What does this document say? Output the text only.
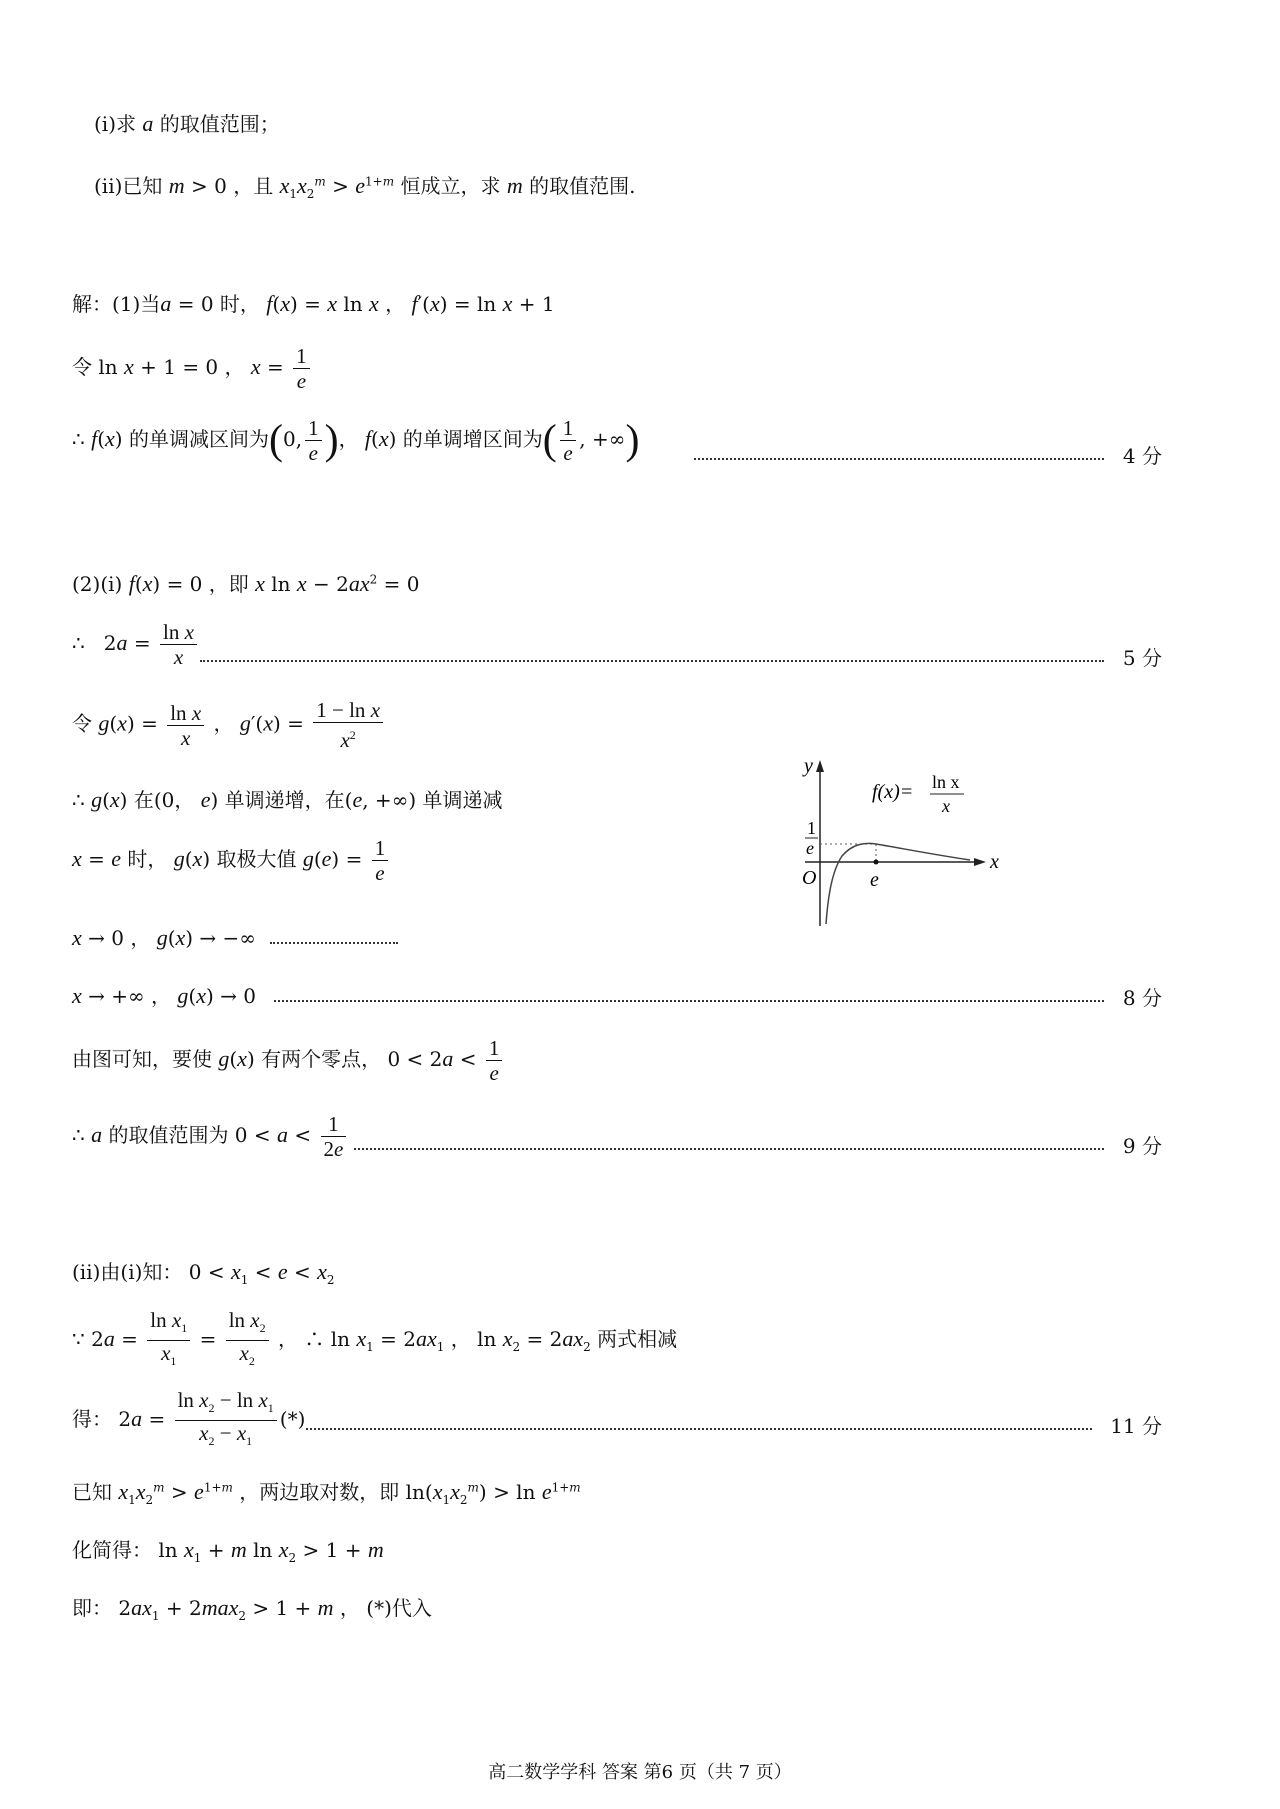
(i)求 a 的取值范围；
(ii)已知 m > 0 ，且 $x_1x_2^m > e^{1+m}$ 恒成立，求 m 的取值范围.
解：(1)当a = 0 时， f(x) = x ln x ， f′(x) = ln x + 1
令 ln x + 1 = 0 ， $x = \frac{1}{e}$
∴ f(x) 的单调减区间为(0, $\frac{1}{e}$ )， f(x) 的单调增区间为( $\frac{1}{e}$ , +∞)	4 分
(2)(i) f(x) = 0 ，即 x $\ln x - 2ax^2 = 0$
∴   $2a = \frac{\text{ln x}}{x}$	5 分
令 $g(x) = \frac{\text{ln x}}{x}$ ， $g'(x) = \frac{\text{1 − ln x}}{x^2}$
∴ g(x) 在(0， e) 单调递增，在(e, +∞) 单调递减
x = e 时， g(x) 取极大值 $g(e) = \frac{1}{e}$
x → 0 ， g(x) → −∞
x → +∞ ， g(x) → 0	8 分
由图可知，要使 g(x) 有两个零点， $0 < 2a < \frac{1}{e}$
∴ a 的取值范围为 $0 < a < \frac{1}{2e}$	9 分
(ii)由(i)知： $0 < x_1 < e < x_2$
∵ $2a = \frac{\ln x_1}{x_1} = \frac{\ln x_2}{x_2}$ ， ∴ $\ln x_1 = 2ax_1$ ， $\ln x_2 = 2ax_2$ 两式相减
得： $2a = \frac{\ln x_2 - \ln x_1}{x_2 - x_1}$ (*)	11 分
已知 $x_1x_2^m > e^{1+m}$ ，两边取对数，即 $\ln(x_1x_2^m) > \ln e^{1+m}$
化简得： $\ln x_1 + m$ $\ln x_2 > 1 + m$
即： $2ax_1 + 2\max_2 > 1 + m$ ， (*)代入
y
x
O	e
1
e
f(x)= ln x
x
高二数学学科 答案 第6 页（共 7 页）
